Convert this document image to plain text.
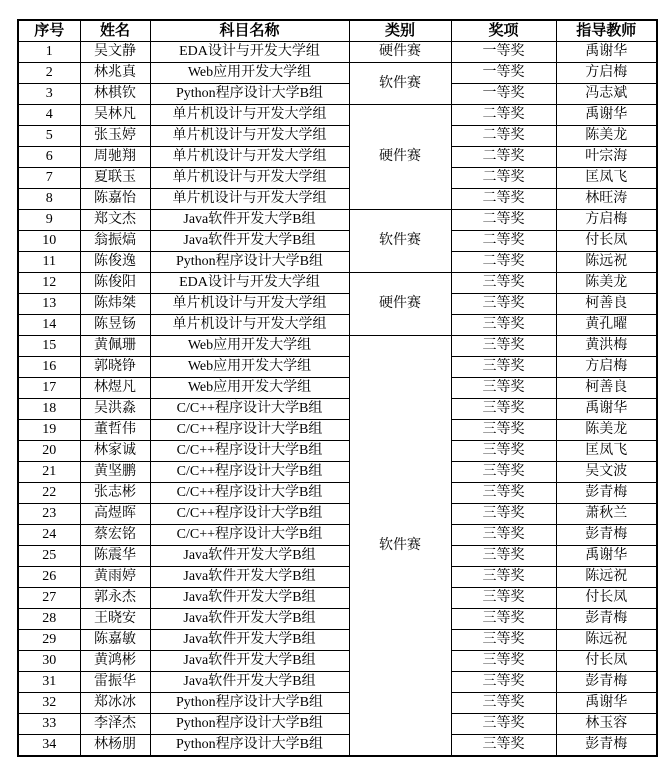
序号	姓名	科目名称	类别	奖项	指导教师
1	吴文静	EDA设计与开发大学组	硬件赛	一等奖	禹谢华
2	林兆真	Web应用开发大学组	软件赛	一等奖	方启梅
3	林棋钦	Python程序设计大学B组		一等奖	冯志斌
4	吴林凡	单片机设计与开发大学组	硬件赛	二等奖	禹谢华
5	张玉婷	单片机设计与开发大学组		二等奖	陈美龙
6	周驰翔	单片机设计与开发大学组		二等奖	叶宗海
7	夏联玉	单片机设计与开发大学组		二等奖	匡凤飞
8	陈嘉怡	单片机设计与开发大学组		二等奖	林旺涛
9	郑文杰	Java软件开发大学B组	软件赛	二等奖	方启梅
10	翁振熇	Java软件开发大学B组		二等奖	付长凤
11	陈俊逸	Python程序设计大学B组		二等奖	陈远祝
12	陈俊阳	EDA设计与开发大学组	硬件赛	三等奖	陈美龙
13	陈炜桀	单片机设计与开发大学组		三等奖	柯善良
14	陈昱钖	单片机设计与开发大学组		三等奖	黄孔曜
15	黄佩珊	Web应用开发大学组	软件赛	三等奖	黄洪梅
16	郭晓铮	Web应用开发大学组		三等奖	方启梅
17	林煜凡	Web应用开发大学组		三等奖	柯善良
18	吴洪淼	C/C++程序设计大学B组		三等奖	禹谢华
19	董哲伟	C/C++程序设计大学B组		三等奖	陈美龙
20	林家诚	C/C++程序设计大学B组		三等奖	匡凤飞
21	黄坚鹏	C/C++程序设计大学B组		三等奖	吴文波
22	张志彬	C/C++程序设计大学B组		三等奖	彭青梅
23	高煜晖	C/C++程序设计大学B组		三等奖	萧秋兰
24	蔡宏铭	C/C++程序设计大学B组		三等奖	彭青梅
25	陈震华	Java软件开发大学B组		三等奖	禹谢华
26	黄雨婷	Java软件开发大学B组		三等奖	陈远祝
27	郭永杰	Java软件开发大学B组		三等奖	付长凤
28	王晓安	Java软件开发大学B组		三等奖	彭青梅
29	陈嘉敏	Java软件开发大学B组		三等奖	陈远祝
30	黄鸿彬	Java软件开发大学B组		三等奖	付长凤
31	雷振华	Java软件开发大学B组		三等奖	彭青梅
32	郑冰冰	Python程序设计大学B组		三等奖	禹谢华
33	李泽杰	Python程序设计大学B组		三等奖	林玉容
34	林杨朋	Python程序设计大学B组		三等奖	彭青梅
